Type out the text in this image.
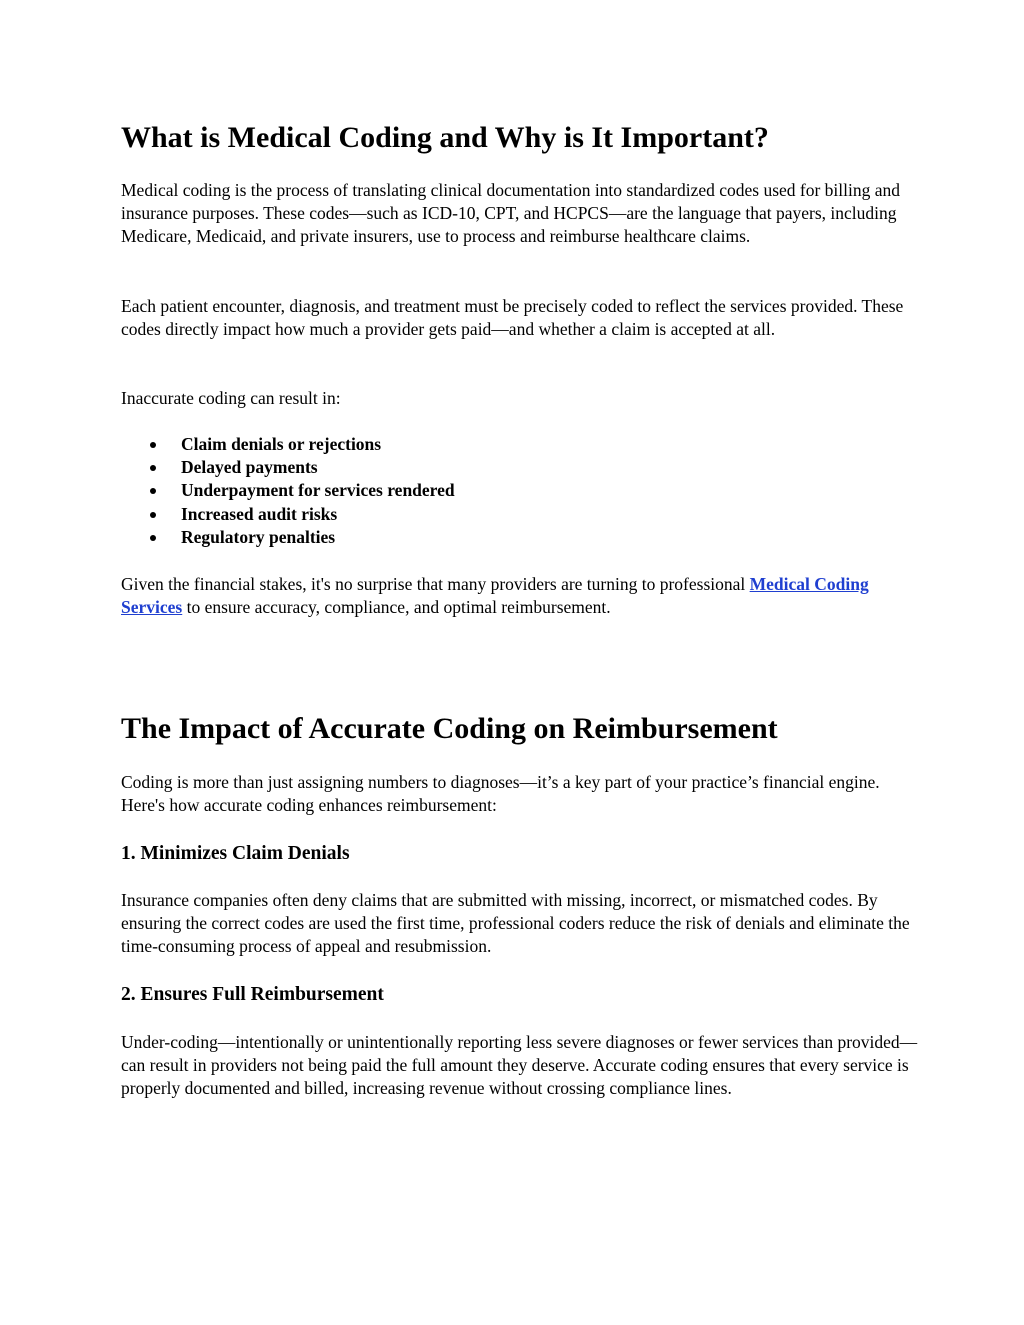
What is Medical Coding and Why is It Important?

Medical coding is the process of translating clinical documentation into standardized codes used for billing and insurance purposes. These codes—such as ICD-10, CPT, and HCPCS—are the language that payers, including Medicare, Medicaid, and private insurers, use to process and reimburse healthcare claims.

Each patient encounter, diagnosis, and treatment must be precisely coded to reflect the services provided. These codes directly impact how much a provider gets paid—and whether a claim is accepted at all.

Inaccurate coding can result in:

Claim denials or rejections
Delayed payments
Underpayment for services rendered
Increased audit risks
Regulatory penalties

Given the financial stakes, it's no surprise that many providers are turning to professional Medical Coding Services to ensure accuracy, compliance, and optimal reimbursement.

The Impact of Accurate Coding on Reimbursement

Coding is more than just assigning numbers to diagnoses—it’s a key part of your practice’s financial engine. Here's how accurate coding enhances reimbursement:

1. Minimizes Claim Denials

Insurance companies often deny claims that are submitted with missing, incorrect, or mismatched codes. By ensuring the correct codes are used the first time, professional coders reduce the risk of denials and eliminate the time-consuming process of appeal and resubmission.

2. Ensures Full Reimbursement

Under-coding—intentionally or unintentionally reporting less severe diagnoses or fewer services than provided—can result in providers not being paid the full amount they deserve. Accurate coding ensures that every service is properly documented and billed, increasing revenue without crossing compliance lines.
